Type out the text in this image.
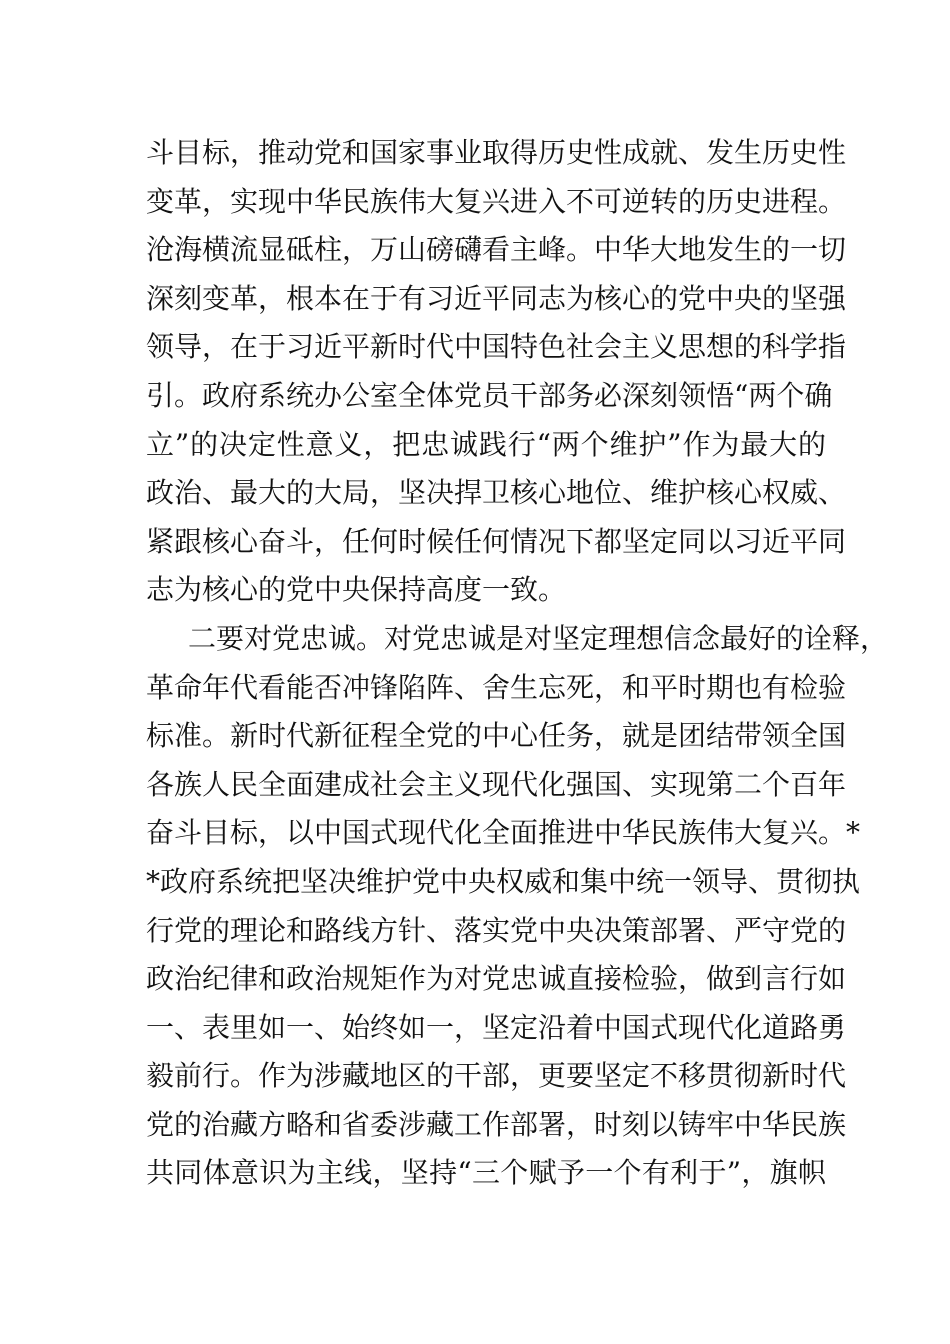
斗目标，推动党和国家事业取得历史性成就、发生历史性
变革，实现中华民族伟大复兴进入不可逆转的历史进程。
沧海横流显砥柱，万山磅礴看主峰。中华大地发生的一切
深刻变革，根本在于有习近平同志为核心的党中央的坚强
领导，在于习近平新时代中国特色社会主义思想的科学指
引。政府系统办公室全体党员干部务必深刻领悟“两个确
立”的决定性意义，把忠诚践行“两个维护”作为最大的
政治、最大的大局，坚决捍卫核心地位、维护核心权威、
紧跟核心奋斗，任何时候任何情况下都坚定同以习近平同
志为核心的党中央保持高度一致。
二要对党忠诚。对党忠诚是对坚定理想信念最好的诠释，
革命年代看能否冲锋陷阵、舍生忘死，和平时期也有检验
标准。新时代新征程全党的中心任务，就是团结带领全国
各族人民全面建成社会主义现代化强国、实现第二个百年
奋斗目标，以中国式现代化全面推进中华民族伟大复兴。*
*政府系统把坚决维护党中央权威和集中统一领导、贯彻执
行党的理论和路线方针、落实党中央决策部署、严守党的
政治纪律和政治规矩作为对党忠诚直接检验，做到言行如
一、表里如一、始终如一，坚定沿着中国式现代化道路勇
毅前行。作为涉藏地区的干部，更要坚定不移贯彻新时代
党的治藏方略和省委涉藏工作部署，时刻以铸牢中华民族
共同体意识为主线，坚持“三个赋予一个有利于”，旗帜
